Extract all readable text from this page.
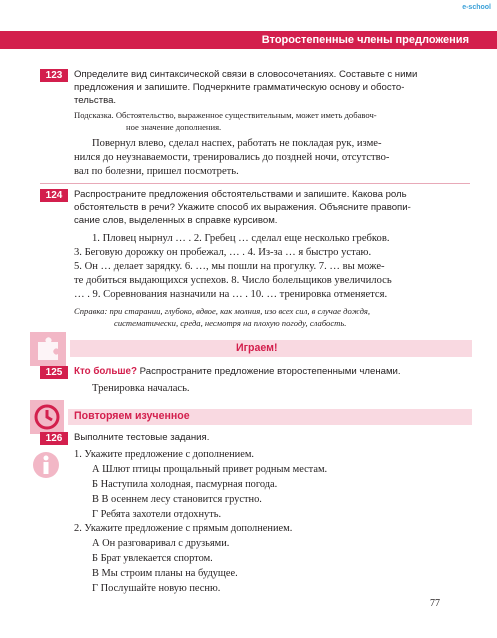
e-school
Второстепенные члены предложения
123	Определите вид синтаксической связи в словосочетаниях. Составьте с ними
предложения и запишите. Подчеркните грамматическую основу и обосто-
тельства.
Подсказка. Обстоятельство, выраженное существительным, может иметь добавоч-
ное значение дополнения.
Повернул влево, сделал наспех, работать не покладая рук, изме-
нился до неузнаваемости, тренировались до поздней ночи, отсутство-
вал по болезни, пришел посмотреть.
124	Распространите предложения обстоятельствами и запишите. Какова роль
обстоятельств в речи? Укажите способ их выражения. Объясните правопи-
сание слов, выделенных в справке курсивом.
1. Пловец нырнул … . 2. Гребец … сделал еще несколько гребков.
3. Беговую дорожку он пробежал, … . 4. Из-за … я быстро устаю.
5. Он … делает зарядку. 6. …, мы пошли на прогулку. 7. … вы може-
те добиться выдающихся успехов. 8. Число болельщиков увеличилось
… . 9. Соревнования назначили на … . 10. … тренировка отменяется.
Справка: при старании, глубоко, вдвое, как молния, изо всех сил, в случае дождя,
систематически, среда, несмотря на плохую погоду, слабость.
Играем!
125	Кто больше? Распространите предложение второстепенными членами.
Тренировка началась.
Повторяем изученное
126	Выполните тестовые задания.
1. Укажите предложение с дополнением.
А Шлют птицы прощальный привет родным местам.
Б Наступила холодная, пасмурная погода.
В В осеннем лесу становится грустно.
Г Ребята захотели отдохнуть.
2. Укажите предложение с прямым дополнением.
А Он разговаривал с друзьями.
Б Брат увлекается спортом.
В Мы строим планы на будущее.
Г Послушайте новую песню.
77
